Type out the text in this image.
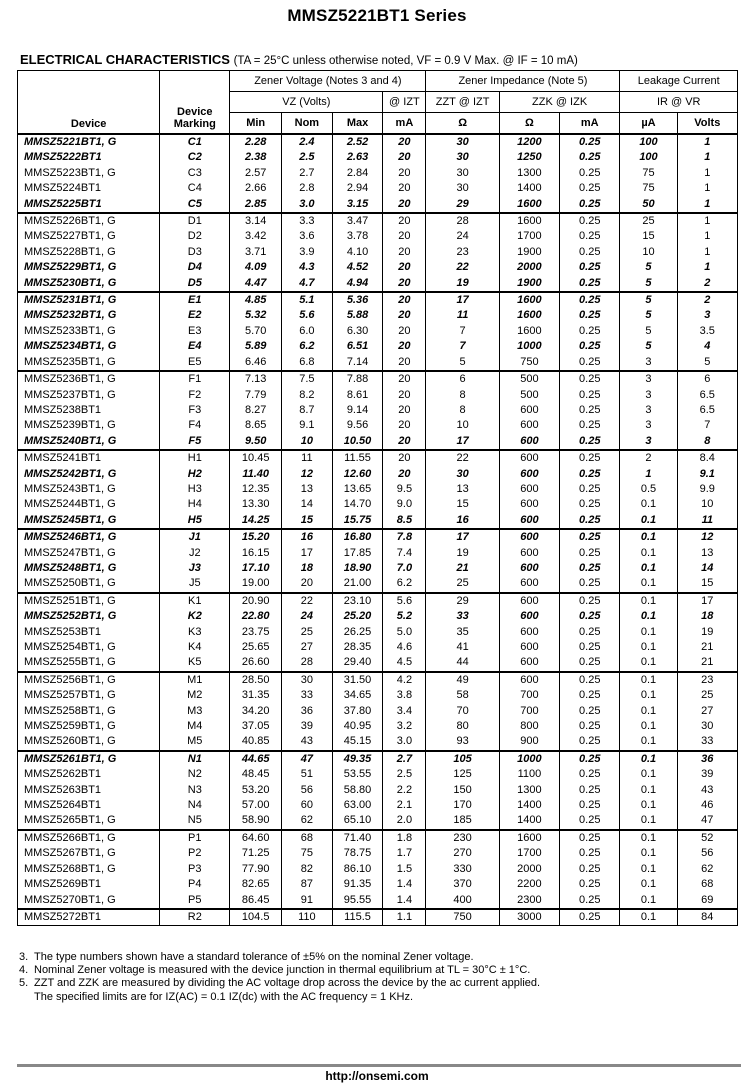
MMSZ5221BT1 Series
ELECTRICAL CHARACTERISTICS (TA = 25°C unless otherwise noted, VF = 0.9 V Max. @ IF = 10 mA)
Device	Device Marking	Zener Voltage (Notes 3 and 4)				Zener Impedance (Note 5)			Leakage Current	
		VZ (Volts)			@ IZT	ZZT @ IZT	ZZK @ IZK		IR @ VR	
		Min	Nom	Max	mA	Ω	Ω	mA	µA	Volts
MMSZ5221BT1, G	C1	2.28	2.4	2.52	20	30	1200	0.25	100	1
MMSZ5222BT1	C2	2.38	2.5	2.63	20	30	1250	0.25	100	1
MMSZ5223BT1, G	C3	2.57	2.7	2.84	20	30	1300	0.25	75	1
MMSZ5224BT1	C4	2.66	2.8	2.94	20	30	1400	0.25	75	1
MMSZ5225BT1	C5	2.85	3.0	3.15	20	29	1600	0.25	50	1
MMSZ5226BT1, G	D1	3.14	3.3	3.47	20	28	1600	0.25	25	1
MMSZ5227BT1, G	D2	3.42	3.6	3.78	20	24	1700	0.25	15	1
MMSZ5228BT1, G	D3	3.71	3.9	4.10	20	23	1900	0.25	10	1
MMSZ5229BT1, G	D4	4.09	4.3	4.52	20	22	2000	0.25	5	1
MMSZ5230BT1, G	D5	4.47	4.7	4.94	20	19	1900	0.25	5	2
MMSZ5231BT1, G	E1	4.85	5.1	5.36	20	17	1600	0.25	5	2
MMSZ5232BT1, G	E2	5.32	5.6	5.88	20	11	1600	0.25	5	3
MMSZ5233BT1, G	E3	5.70	6.0	6.30	20	7	1600	0.25	5	3.5
MMSZ5234BT1, G	E4	5.89	6.2	6.51	20	7	1000	0.25	5	4
MMSZ5235BT1, G	E5	6.46	6.8	7.14	20	5	750	0.25	3	5
MMSZ5236BT1, G	F1	7.13	7.5	7.88	20	6	500	0.25	3	6
MMSZ5237BT1, G	F2	7.79	8.2	8.61	20	8	500	0.25	3	6.5
MMSZ5238BT1	F3	8.27	8.7	9.14	20	8	600	0.25	3	6.5
MMSZ5239BT1, G	F4	8.65	9.1	9.56	20	10	600	0.25	3	7
MMSZ5240BT1, G	F5	9.50	10	10.50	20	17	600	0.25	3	8
MMSZ5241BT1	H1	10.45	11	11.55	20	22	600	0.25	2	8.4
MMSZ5242BT1, G	H2	11.40	12	12.60	20	30	600	0.25	1	9.1
MMSZ5243BT1, G	H3	12.35	13	13.65	9.5	13	600	0.25	0.5	9.9
MMSZ5244BT1, G	H4	13.30	14	14.70	9.0	15	600	0.25	0.1	10
MMSZ5245BT1, G	H5	14.25	15	15.75	8.5	16	600	0.25	0.1	11
MMSZ5246BT1, G	J1	15.20	16	16.80	7.8	17	600	0.25	0.1	12
MMSZ5247BT1, G	J2	16.15	17	17.85	7.4	19	600	0.25	0.1	13
MMSZ5248BT1, G	J3	17.10	18	18.90	7.0	21	600	0.25	0.1	14
MMSZ5250BT1, G	J5	19.00	20	21.00	6.2	25	600	0.25	0.1	15
MMSZ5251BT1, G	K1	20.90	22	23.10	5.6	29	600	0.25	0.1	17
MMSZ5252BT1, G	K2	22.80	24	25.20	5.2	33	600	0.25	0.1	18
MMSZ5253BT1	K3	23.75	25	26.25	5.0	35	600	0.25	0.1	19
MMSZ5254BT1, G	K4	25.65	27	28.35	4.6	41	600	0.25	0.1	21
MMSZ5255BT1, G	K5	26.60	28	29.40	4.5	44	600	0.25	0.1	21
MMSZ5256BT1, G	M1	28.50	30	31.50	4.2	49	600	0.25	0.1	23
MMSZ5257BT1, G	M2	31.35	33	34.65	3.8	58	700	0.25	0.1	25
MMSZ5258BT1, G	M3	34.20	36	37.80	3.4	70	700	0.25	0.1	27
MMSZ5259BT1, G	M4	37.05	39	40.95	3.2	80	800	0.25	0.1	30
MMSZ5260BT1, G	M5	40.85	43	45.15	3.0	93	900	0.25	0.1	33
MMSZ5261BT1, G	N1	44.65	47	49.35	2.7	105	1000	0.25	0.1	36
MMSZ5262BT1	N2	48.45	51	53.55	2.5	125	1100	0.25	0.1	39
MMSZ5263BT1	N3	53.20	56	58.80	2.2	150	1300	0.25	0.1	43
MMSZ5264BT1	N4	57.00	60	63.00	2.1	170	1400	0.25	0.1	46
MMSZ5265BT1, G	N5	58.90	62	65.10	2.0	185	1400	0.25	0.1	47
MMSZ5266BT1, G	P1	64.60	68	71.40	1.8	230	1600	0.25	0.1	52
MMSZ5267BT1, G	P2	71.25	75	78.75	1.7	270	1700	0.25	0.1	56
MMSZ5268BT1, G	P3	77.90	82	86.10	1.5	330	2000	0.25	0.1	62
MMSZ5269BT1	P4	82.65	87	91.35	1.4	370	2200	0.25	0.1	68
MMSZ5270BT1, G	P5	86.45	91	95.55	1.4	400	2300	0.25	0.1	69
MMSZ5272BT1	R2	104.5	110	115.5	1.1	750	3000	0.25	0.1	84
3. The type numbers shown have a standard tolerance of ±5% on the nominal Zener voltage.
4. Nominal Zener voltage is measured with the device junction in thermal equilibrium at TL = 30°C ± 1°C.
5. ZZT and ZZK are measured by dividing the AC voltage drop across the device by the ac current applied.
The specified limits are for IZ(AC) = 0.1 IZ(dc) with the AC frequency = 1 KHz.
http://onsemi.com
